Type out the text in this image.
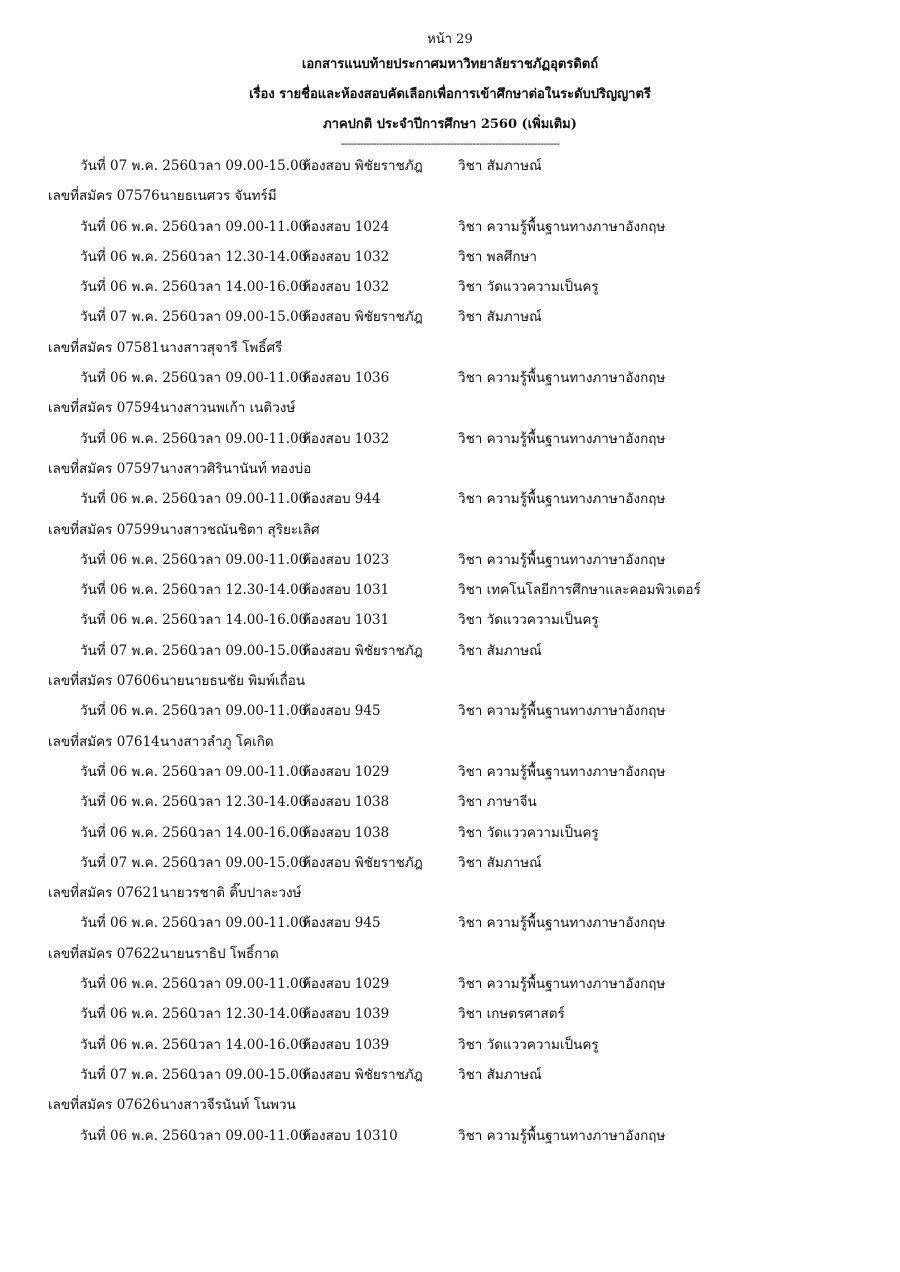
หน้า 29
เอกสารแนบท้ายประกาศมหาวิทยาลัยราชภัฏอุตรดิตถ์
เรื่อง รายชื่อและห้องสอบคัดเลือกเพื่อการเข้าศึกษาต่อในระดับปริญญาตรี
ภาคปกติ ประจำปีการศึกษา 2560 (เพิ่มเติม)
--------------------------------------------------------------------
วันที่ 07 พ.ค. 2560
เวลา 09.00-15.00
ห้องสอบ พิชัยราชภัฎ	วิชา สัมภาษณ์
เลขที่สมัคร 07576นายธเนศวร จันทร์มี
วันที่ 06 พ.ค. 2560
เวลา 09.00-11.00
ห้องสอบ 1024	วิชา ความรู้พื้นฐานทางภาษาอังกฤษ
วันที่ 06 พ.ค. 2560
เวลา 12.30-14.00
ห้องสอบ 1032	วิชา พลศึกษา
วันที่ 06 พ.ค. 2560
เวลา 14.00-16.00
ห้องสอบ 1032	วิชา วัดแววความเป็นครู
วันที่ 07 พ.ค. 2560
เวลา 09.00-15.00
ห้องสอบ พิชัยราชภัฎ	วิชา สัมภาษณ์
เลขที่สมัคร 07581นางสาวสุจารี โพธิ์ศรี
วันที่ 06 พ.ค. 2560
เวลา 09.00-11.00
ห้องสอบ 1036	วิชา ความรู้พื้นฐานทางภาษาอังกฤษ
เลขที่สมัคร 07594นางสาวนพเก้า เนติวงษ์
วันที่ 06 พ.ค. 2560
เวลา 09.00-11.00
ห้องสอบ 1032	วิชา ความรู้พื้นฐานทางภาษาอังกฤษ
เลขที่สมัคร 07597นางสาวศิรินานันท์ ทองบ่อ
วันที่ 06 พ.ค. 2560
เวลา 09.00-11.00
ห้องสอบ 944	วิชา ความรู้พื้นฐานทางภาษาอังกฤษ
เลขที่สมัคร 07599นางสาวชณันชิตา สุริยะเลิศ
วันที่ 06 พ.ค. 2560
เวลา 09.00-11.00
ห้องสอบ 1023	วิชา ความรู้พื้นฐานทางภาษาอังกฤษ
วันที่ 06 พ.ค. 2560
เวลา 12.30-14.00
ห้องสอบ 1031	วิชา เทคโนโลยีการศึกษาและคอมพิวเตอร์
วันที่ 06 พ.ค. 2560
เวลา 14.00-16.00
ห้องสอบ 1031	วิชา วัดแววความเป็นครู
วันที่ 07 พ.ค. 2560
เวลา 09.00-15.00
ห้องสอบ พิชัยราชภัฎ	วิชา สัมภาษณ์
เลขที่สมัคร 07606นายนายธนชัย พิมพ์เถื่อน
วันที่ 06 พ.ค. 2560
เวลา 09.00-11.00
ห้องสอบ 945	วิชา ความรู้พื้นฐานทางภาษาอังกฤษ
เลขที่สมัคร 07614นางสาวลำภู โคเกิด
วันที่ 06 พ.ค. 2560
เวลา 09.00-11.00
ห้องสอบ 1029	วิชา ความรู้พื้นฐานทางภาษาอังกฤษ
วันที่ 06 พ.ค. 2560
เวลา 12.30-14.00
ห้องสอบ 1038	วิชา ภาษาจีน
วันที่ 06 พ.ค. 2560
เวลา 14.00-16.00
ห้องสอบ 1038	วิชา วัดแววความเป็นครู
วันที่ 07 พ.ค. 2560
เวลา 09.00-15.00
ห้องสอบ พิชัยราชภัฎ	วิชา สัมภาษณ์
เลขที่สมัคร 07621นายวรชาติ ติ๊บปาละวงษ์
วันที่ 06 พ.ค. 2560
เวลา 09.00-11.00
ห้องสอบ 945	วิชา ความรู้พื้นฐานทางภาษาอังกฤษ
เลขที่สมัคร 07622นายนราธิป โพธิ์กาด
วันที่ 06 พ.ค. 2560
เวลา 09.00-11.00
ห้องสอบ 1029	วิชา ความรู้พื้นฐานทางภาษาอังกฤษ
วันที่ 06 พ.ค. 2560
เวลา 12.30-14.00
ห้องสอบ 1039	วิชา เกษตรศาสตร์
วันที่ 06 พ.ค. 2560
เวลา 14.00-16.00
ห้องสอบ 1039	วิชา วัดแววความเป็นครู
วันที่ 07 พ.ค. 2560
เวลา 09.00-15.00
ห้องสอบ พิชัยราชภัฎ	วิชา สัมภาษณ์
เลขที่สมัคร 07626นางสาวจีรนันท์ โนพวน
วันที่ 06 พ.ค. 2560
เวลา 09.00-11.00
ห้องสอบ 10310	วิชา ความรู้พื้นฐานทางภาษาอังกฤษ
